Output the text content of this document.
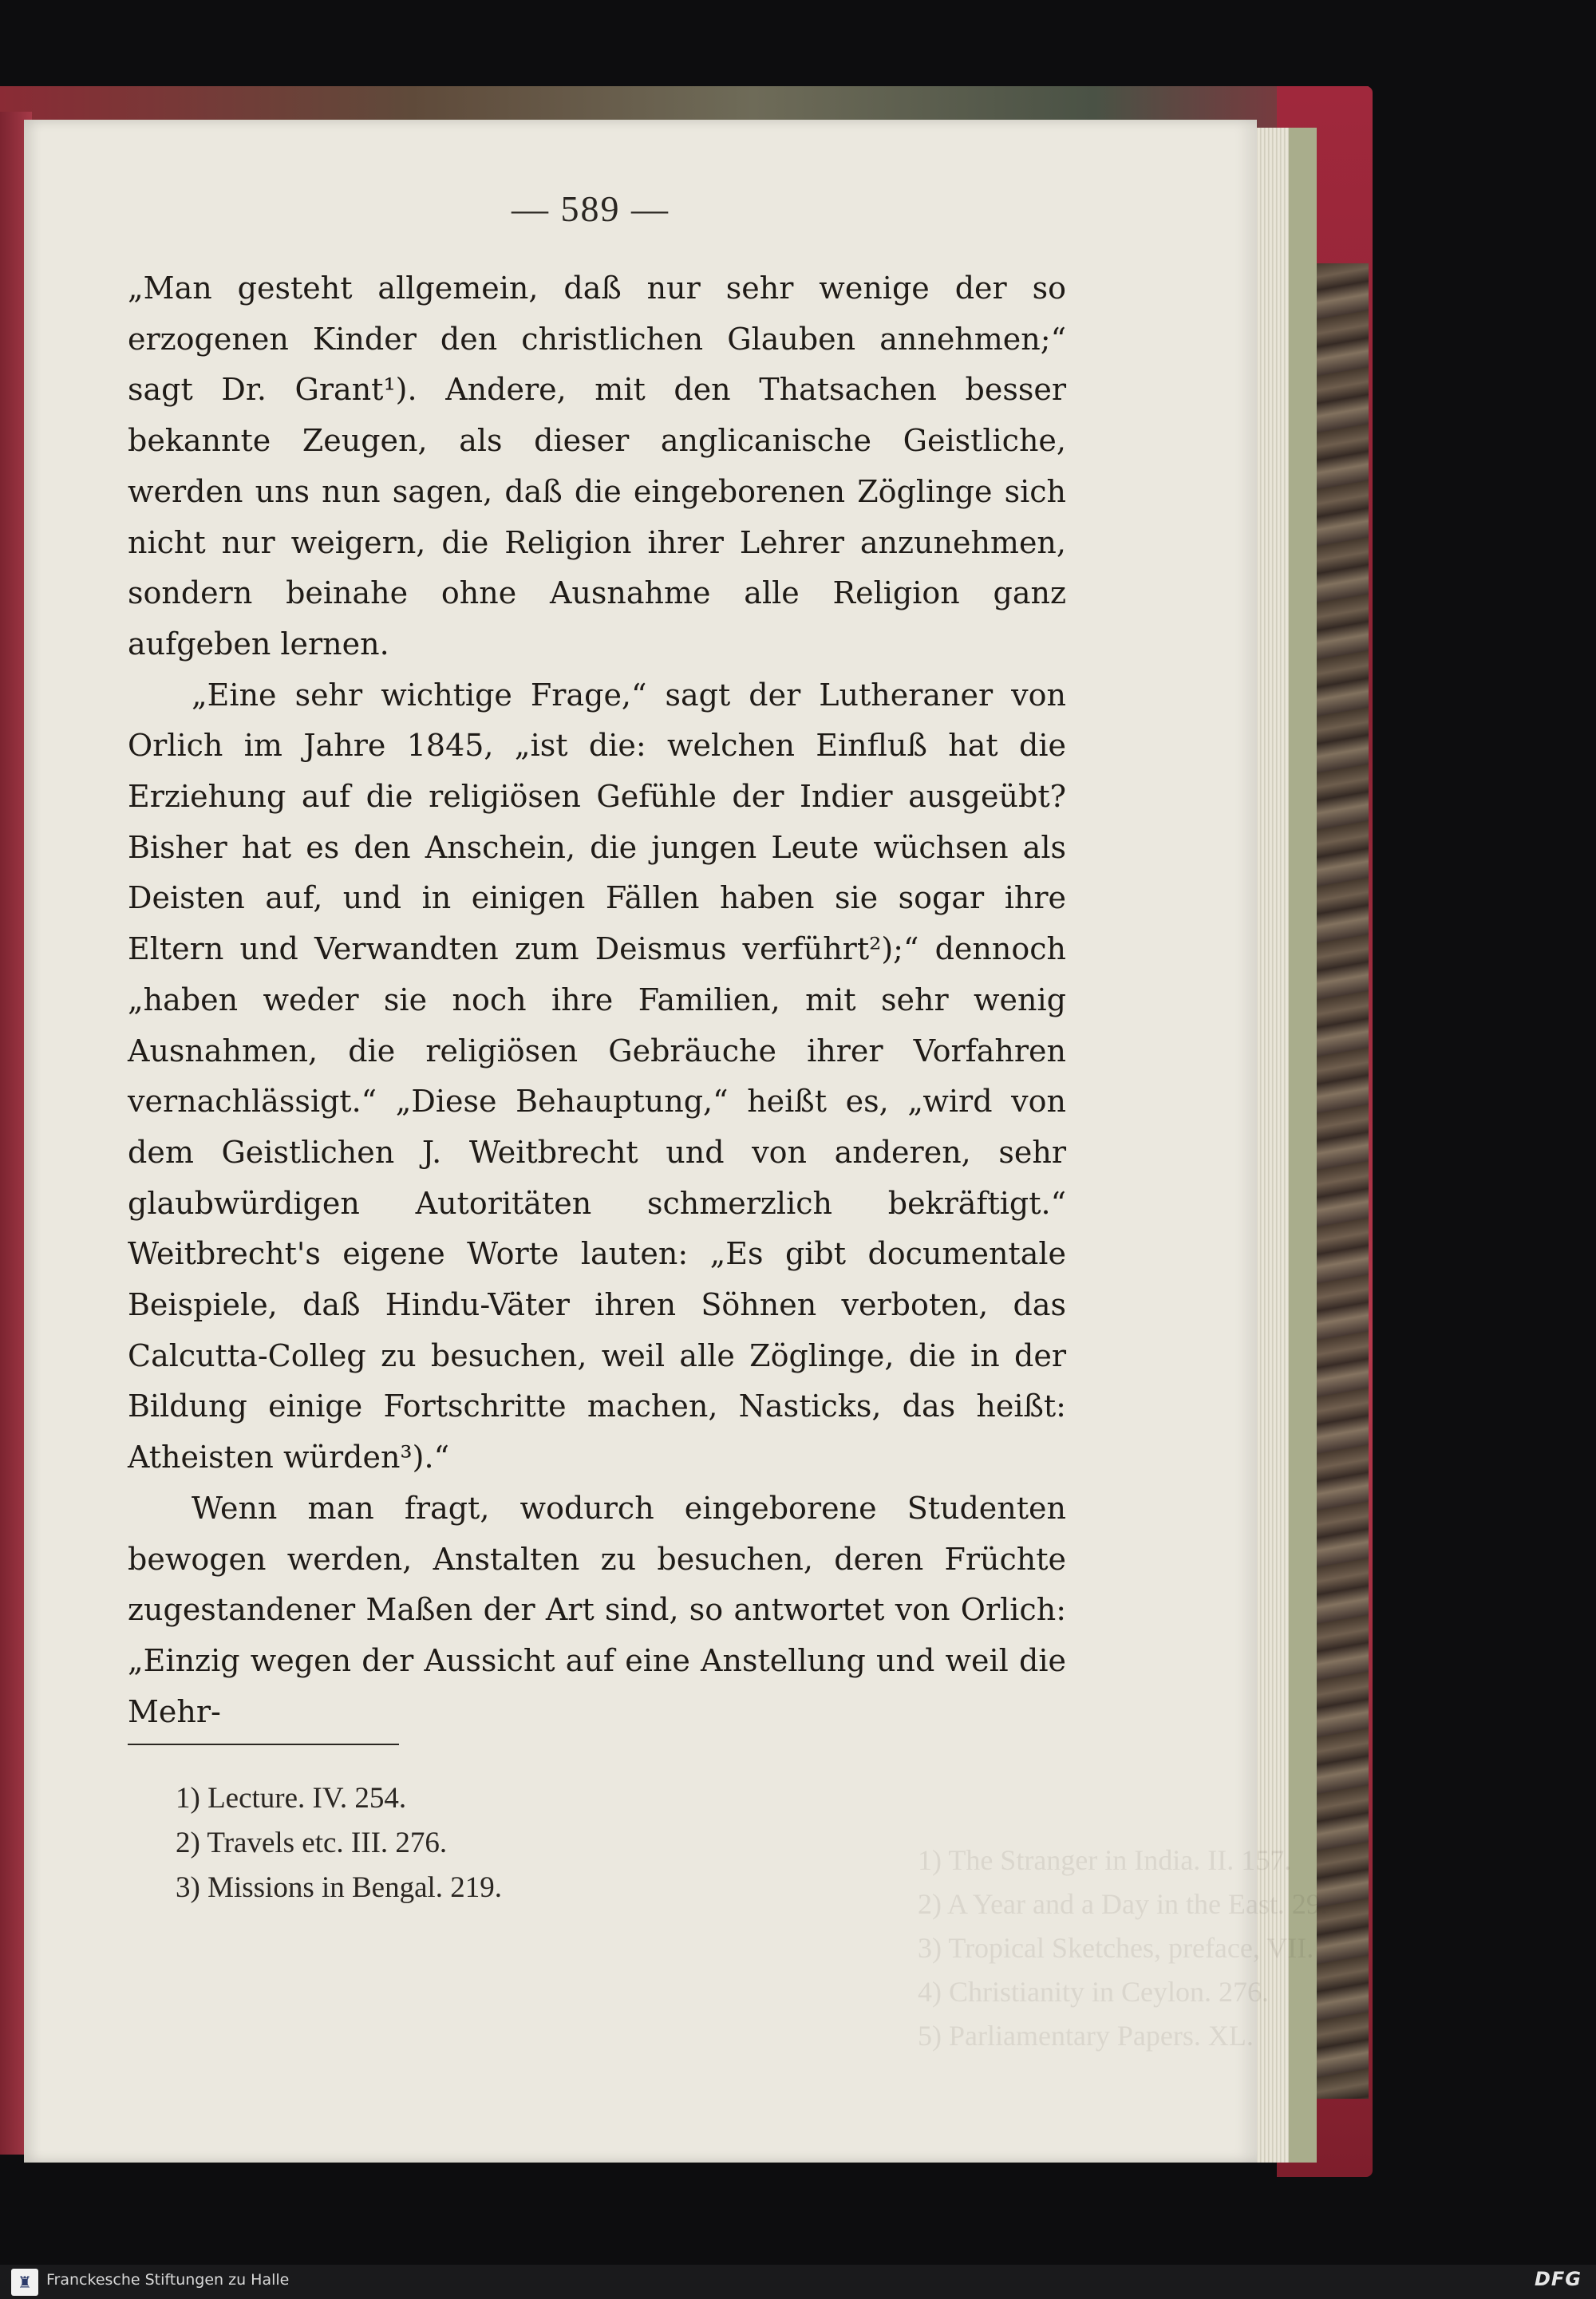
1) The Stranger in India. II. 157.
2) A Year and a Day in the East. 29.
3) Tropical Sketches, preface, VII.
4) Christianity in Ceylon. 276.
5) Parliamentary Papers. XL.
— 589 —

„Man gesteht allgemein, daß nur sehr wenige der so erzogenen Kinder den christlichen Glauben annehmen;“ sagt Dr. Grant¹). Andere, mit den Thatsachen besser bekannte Zeugen, als dieser anglicanische Geistliche, werden uns nun sagen, daß die eingeborenen Zöglinge sich nicht nur weigern, die Religion ihrer Lehrer anzunehmen, sondern beinahe ohne Ausnahme alle Religion ganz aufgeben lernen.

„Eine sehr wichtige Frage,“ sagt der Lutheraner von Orlich im Jahre 1845, „ist die: welchen Einfluß hat die Erziehung auf die religiösen Gefühle der Indier ausgeübt? Bisher hat es den Anschein, die jungen Leute wüchsen als Deisten auf, und in einigen Fällen haben sie sogar ihre Eltern und Verwandten zum Deismus verführt²);“ dennoch „haben weder sie noch ihre Familien, mit sehr wenig Ausnahmen, die religiösen Gebräuche ihrer Vorfahren vernachlässigt.“ „Diese Behauptung,“ heißt es, „wird von dem Geistlichen J. Weitbrecht und von anderen, sehr glaubwürdigen Autoritäten schmerzlich bekräftigt.“ Weitbrecht's eigene Worte lauten: „Es gibt documentale Beispiele, daß Hindu-Väter ihren Söhnen verboten, das Calcutta-Colleg zu besuchen, weil alle Zöglinge, die in der Bildung einige Fortschritte machen, Nasticks, das heißt: Atheisten würden³).“

Wenn man fragt, wodurch eingeborene Studenten bewogen werden, Anstalten zu besuchen, deren Früchte zugestandener Maßen der Art sind, so antwortet von Orlich: „Einzig wegen der Aussicht auf eine Anstellung und weil die Mehr-

1) Lecture. IV. 254.
2) Travels etc. III. 276.
3) Missions in Bengal. 219.
♜ Franckesche Stiftungen zu Halle	DFG
